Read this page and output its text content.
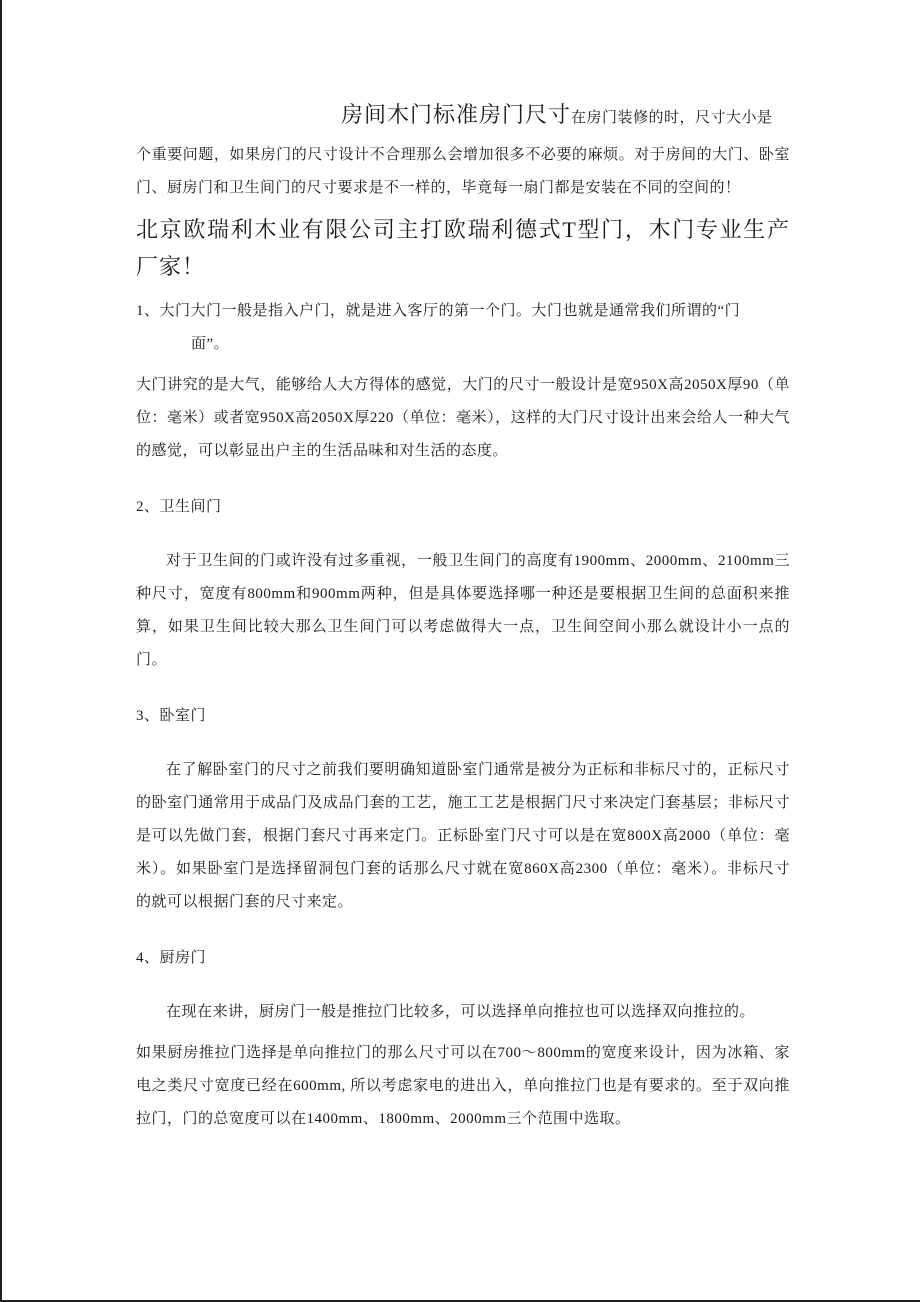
房间木门标准房门尺寸在房门装修的时，尺寸大小是

个重要问题，如果房门的尺寸设计不合理那么会增加很多不必要的麻烦。对于房间的大门、卧室门、厨房门和卫生间门的尺寸要求是不一样的，毕竟每一扇门都是安装在不同的空间的！

北京欧瑞利木业有限公司主打欧瑞利德式T型门，木门专业生产厂家！

1、大门大门一般是指入户门，就是进入客厅的第一个门。大门也就是通常我们所谓的“门
面”。

大门讲究的是大气，能够给人大方得体的感觉，大门的尺寸一般设计是宽950X高2050X厚90（单位：毫米）或者宽950X高2050X厚220（单位：毫米），这样的大门尺寸设计出来会给人一种大气的感觉，可以彰显出户主的生活品味和对生活的态度。

2、卫生间门

对于卫生间的门或许没有过多重视，一般卫生间门的高度有1900mm、2000mm、2100mm三种尺寸，宽度有800mm和900mm两种，但是具体要选择哪一种还是要根据卫生间的总面积来推算，如果卫生间比较大那么卫生间门可以考虑做得大一点，卫生间空间小那么就设计小一点的门。

3、卧室门

在了解卧室门的尺寸之前我们要明确知道卧室门通常是被分为正标和非标尺寸的，正标尺寸的卧室门通常用于成品门及成品门套的工艺，施工工艺是根据门尺寸来决定门套基层；非标尺寸是可以先做门套，根据门套尺寸再来定门。正标卧室门尺寸可以是在宽800X高2000（单位：毫米）。如果卧室门是选择留洞包门套的话那么尺寸就在宽860X高2300（单位：毫米）。非标尺寸的就可以根据门套的尺寸来定。

4、厨房门

在现在来讲，厨房门一般是推拉门比较多，可以选择单向推拉也可以选择双向推拉的。

如果厨房推拉门选择是单向推拉门的那么尺寸可以在700〜800mm的宽度来设计，因为冰箱、家电之类尺寸宽度已经在600mm, 所以考虑家电的进出入，单向推拉门也是有要求的。至于双向推拉门，门的总宽度可以在1400mm、1800mm、2000mm三个范围中选取。
